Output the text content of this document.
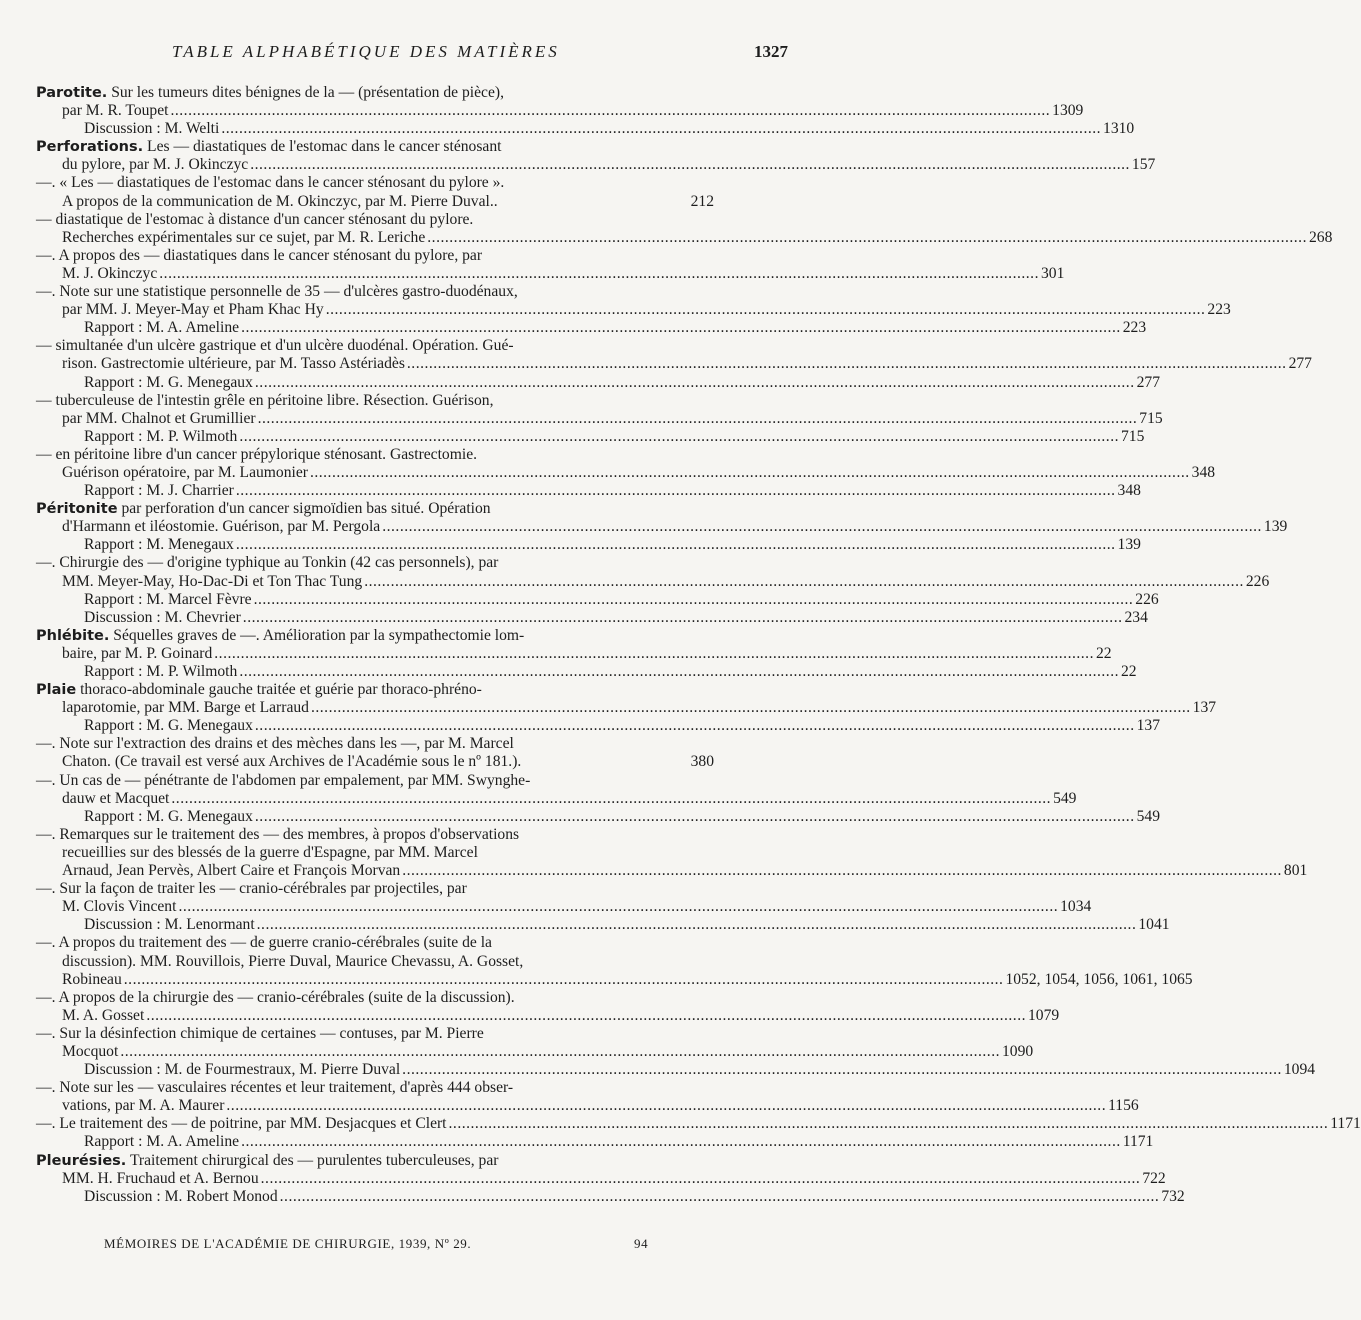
TABLE ALPHABÉTIQUE DES MATIÈRES	1327
Parotite. Sur les tumeurs dites bénignes de la — (présentation de pièce),
par M. R. Toupet ........................................................................................................................................................................................................ 1309
Discussion : M. Welti ........................................................................................................................................................................................................ 1310
Perforations. Les — diastatiques de l'estomac dans le cancer sténosant
du pylore, par M. J. Okinczyc ........................................................................................................................................................................................................ 157
—. « Les — diastatiques de l'estomac dans le cancer sténosant du pylore ».
A propos de la communication de M. Okinczyc, par M. Pierre Duval..	212
— diastatique de l'estomac à distance d'un cancer sténosant du pylore.
Recherches expérimentales sur ce sujet, par M. R. Leriche ........................................................................................................................................................................................................ 268
—. A propos des — diastatiques dans le cancer sténosant du pylore, par
M. J. Okinczyc ........................................................................................................................................................................................................ 301
—. Note sur une statistique personnelle de 35 — d'ulcères gastro-duodénaux,
par MM. J. Meyer-May et Pham Khac Hy ........................................................................................................................................................................................................ 223
Rapport : M. A. Ameline ........................................................................................................................................................................................................ 223
— simultanée d'un ulcère gastrique et d'un ulcère duodénal. Opération. Gué-
rison. Gastrectomie ultérieure, par M. Tasso Astériadès ........................................................................................................................................................................................................ 277
Rapport : M. G. Menegaux ........................................................................................................................................................................................................ 277
— tuberculeuse de l'intestin grêle en péritoine libre. Résection. Guérison,
par MM. Chalnot et Grumillier ........................................................................................................................................................................................................ 715
Rapport : M. P. Wilmoth ........................................................................................................................................................................................................ 715
— en péritoine libre d'un cancer prépylorique sténosant. Gastrectomie.
Guérison opératoire, par M. Laumonier ........................................................................................................................................................................................................ 348
Rapport : M. J. Charrier ........................................................................................................................................................................................................ 348
Péritonite par perforation d'un cancer sigmoïdien bas situé. Opération
d'Harmann et iléostomie. Guérison, par M. Pergola ........................................................................................................................................................................................................ 139
Rapport : M. Menegaux ........................................................................................................................................................................................................ 139
—. Chirurgie des — d'origine typhique au Tonkin (42 cas personnels), par
MM. Meyer-May, Ho-Dac-Di et Ton Thac Tung ........................................................................................................................................................................................................ 226
Rapport : M. Marcel Fèvre ........................................................................................................................................................................................................ 226
Discussion : M. Chevrier ........................................................................................................................................................................................................ 234
Phlébite. Séquelles graves de —. Amélioration par la sympathectomie lom-
baire, par M. P. Goinard ........................................................................................................................................................................................................ 22
Rapport : M. P. Wilmoth ........................................................................................................................................................................................................ 22
Plaie thoraco-abdominale gauche traitée et guérie par thoraco-phréno-
laparotomie, par MM. Barge et Larraud ........................................................................................................................................................................................................ 137
Rapport : M. G. Menegaux ........................................................................................................................................................................................................ 137
—. Note sur l'extraction des drains et des mèches dans les —, par M. Marcel
Chaton. (Ce travail est versé aux Archives de l'Académie sous le nº 181.).	380
—. Un cas de — pénétrante de l'abdomen par empalement, par MM. Swynghe-
dauw et Macquet ........................................................................................................................................................................................................ 549
Rapport : M. G. Menegaux ........................................................................................................................................................................................................ 549
—. Remarques sur le traitement des — des membres, à propos d'observations
recueillies sur des blessés de la guerre d'Espagne, par MM. Marcel
Arnaud, Jean Pervès, Albert Caire et François Morvan ........................................................................................................................................................................................................ 801
—. Sur la façon de traiter les — cranio-cérébrales par projectiles, par
M. Clovis Vincent ........................................................................................................................................................................................................ 1034
Discussion : M. Lenormant ........................................................................................................................................................................................................ 1041
—. A propos du traitement des — de guerre cranio-cérébrales (suite de la
discussion). MM. Rouvillois, Pierre Duval, Maurice Chevassu, A. Gosset,
Robineau ........................................................................................................................................................................................................ 1052, 1054, 1056, 1061, 1065
—. A propos de la chirurgie des — cranio-cérébrales (suite de la discussion).
M. A. Gosset ........................................................................................................................................................................................................ 1079
—. Sur la désinfection chimique de certaines — contuses, par M. Pierre
Mocquot ........................................................................................................................................................................................................ 1090
Discussion : M. de Fourmestraux, M. Pierre Duval ........................................................................................................................................................................................................ 1094
—. Note sur les — vasculaires récentes et leur traitement, d'après 444 obser-
vations, par M. A. Maurer ........................................................................................................................................................................................................ 1156
—. Le traitement des — de poitrine, par MM. Desjacques et Clert ........................................................................................................................................................................................................ 1171
Rapport : M. A. Ameline ........................................................................................................................................................................................................ 1171
Pleurésies. Traitement chirurgical des — purulentes tuberculeuses, par
MM. H. Fruchaud et A. Bernou ........................................................................................................................................................................................................ 722
Discussion : M. Robert Monod ........................................................................................................................................................................................................ 732
MÉMOIRES DE L'ACADÉMIE DE CHIRURGIE, 1939, Nº 29.	94
